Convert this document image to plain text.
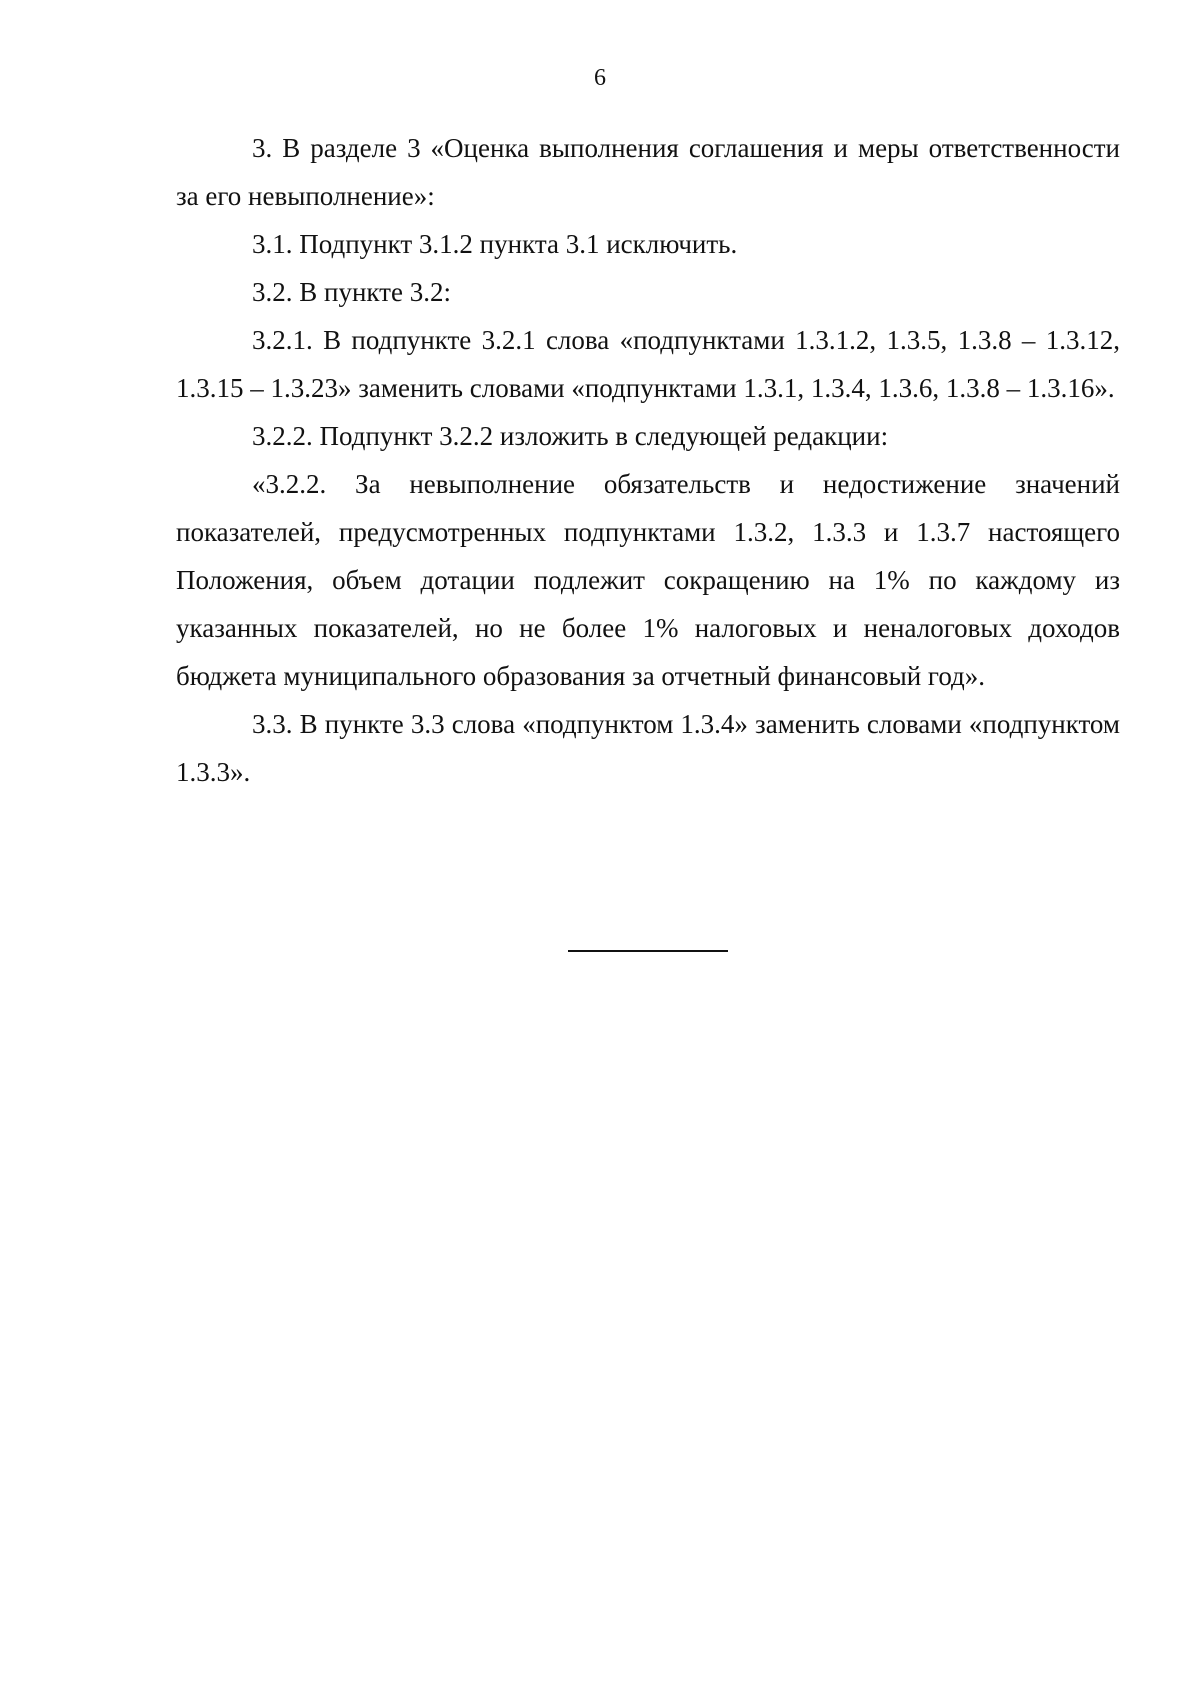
6

3. В разделе 3 «Оценка выполнения соглашения и меры ответственности за его невыполнение»:

3.1. Подпункт 3.1.2 пункта 3.1 исключить.

3.2. В пункте 3.2:

3.2.1. В подпункте 3.2.1 слова «подпунктами 1.3.1.2, 1.3.5, 1.3.8 – 1.3.12, 1.3.15 – 1.3.23» заменить словами «подпунктами 1.3.1, 1.3.4, 1.3.6, 1.3.8 – 1.3.16».

3.2.2. Подпункт 3.2.2 изложить в следующей редакции:

«3.2.2. За невыполнение обязательств и недостижение значений показателей, предусмотренных подпунктами 1.3.2, 1.3.3 и 1.3.7 настоящего Положения, объем дотации подлежит сокращению на 1% по каждому из указанных показателей, но не более 1% налоговых и неналоговых доходов бюджета муниципального образования за отчетный финансовый год».

3.3. В пункте 3.3 слова «подпунктом 1.3.4» заменить словами «подпунктом 1.3.3».
